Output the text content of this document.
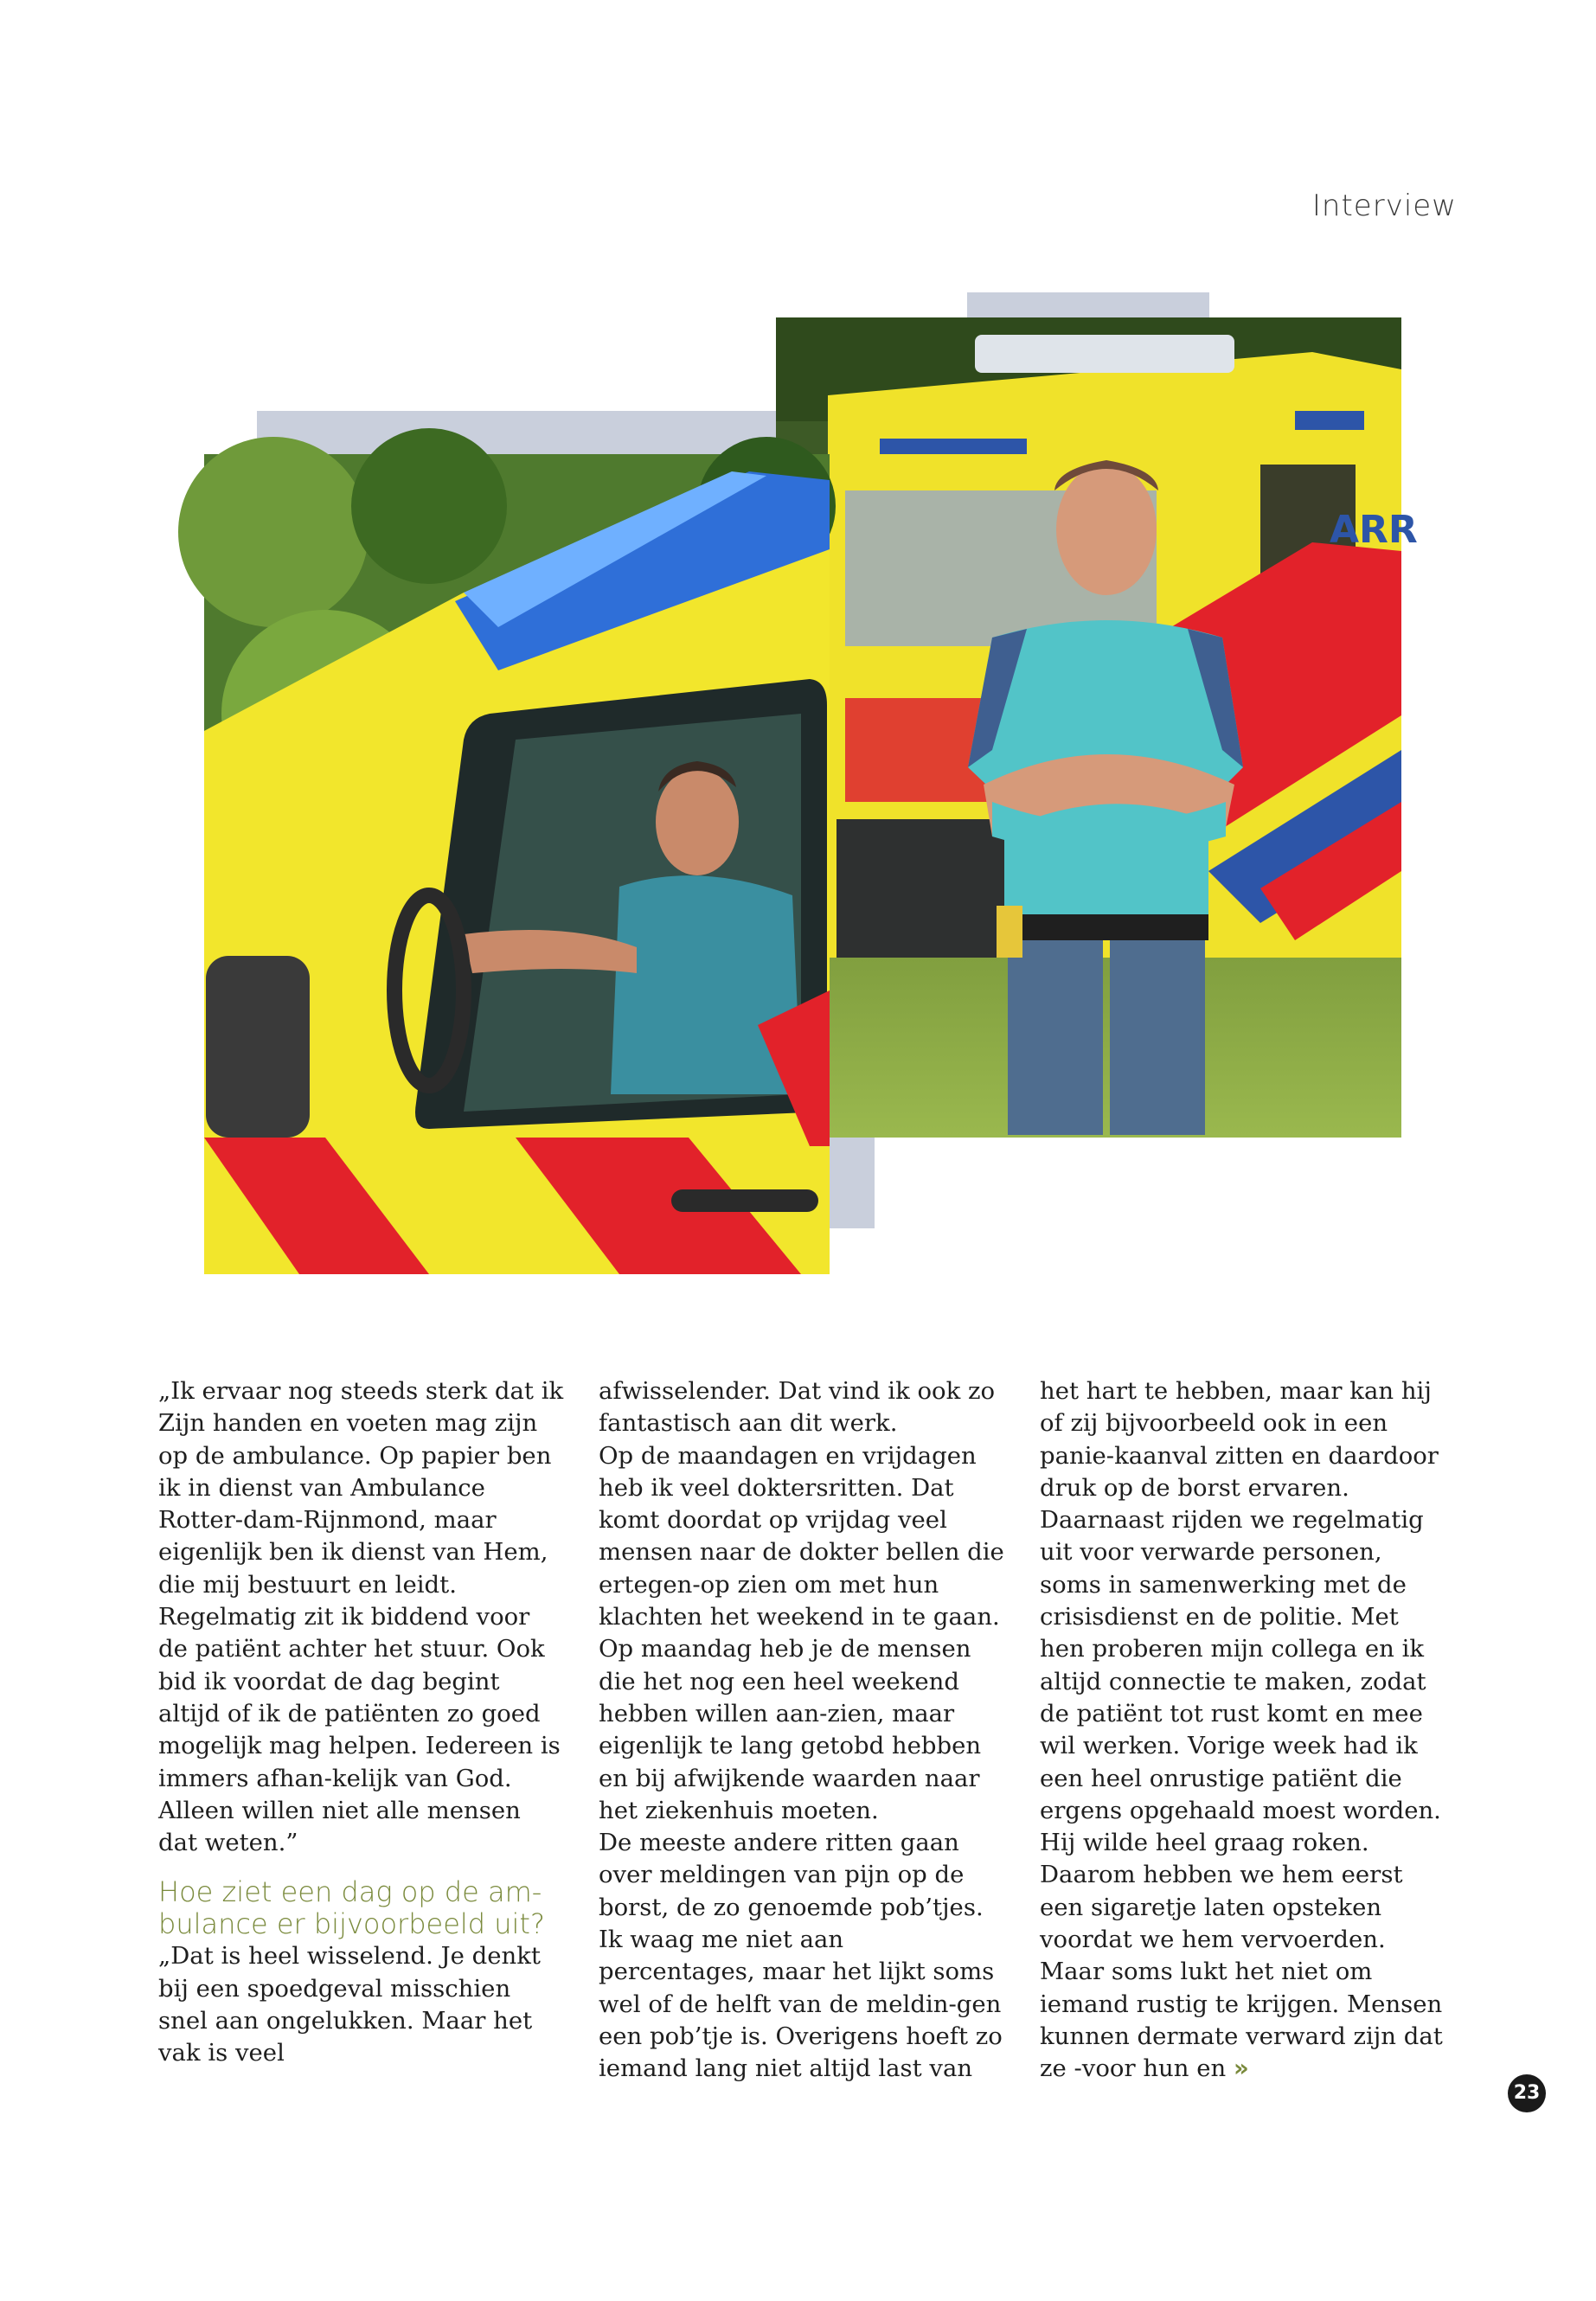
Interview
ARR

„Ik ervaar nog steeds sterk dat ik Zijn handen en voeten mag zijn op de ambulance. Op papier ben ik in dienst van Ambulance Rotter-dam-Rijnmond, maar eigenlijk ben ik dienst van Hem, die mij bestuurt en leidt.

Regelmatig zit ik biddend voor de patiënt achter het stuur. Ook bid ik voordat de dag begint altijd of ik de patiënten zo goed mogelijk mag helpen. Iedereen is immers afhan-kelijk van God. Alleen willen niet alle mensen dat weten.”

Hoe ziet een dag op de am-bulance er bijvoorbeeld uit?

„Dat is heel wisselend. Je denkt bij een spoedgeval misschien snel aan ongelukken. Maar het vak is veel

afwisselender. Dat vind ik ook zo fantastisch aan dit werk.

Op de maandagen en vrijdagen heb ik veel doktersritten. Dat komt doordat op vrijdag veel mensen naar de dokter bellen die ertegen-op zien om met hun klachten het weekend in te gaan. Op maandag heb je de mensen die het nog een heel weekend hebben willen aan-zien, maar eigenlijk te lang getobd hebben en bij afwijkende waarden naar het ziekenhuis moeten.

De meeste andere ritten gaan over meldingen van pijn op de borst, de zo genoemde pob’tjes. Ik waag me niet aan percentages, maar het lijkt soms wel of de helft van de meldin-gen een pob’tje is. Overigens hoeft zo iemand lang niet altijd last van

het hart te hebben, maar kan hij of zij bijvoorbeeld ook in een panie-kaanval zitten en daardoor druk op de borst ervaren.

Daarnaast rijden we regelmatig uit voor verwarde personen, soms in samenwerking met de crisisdienst en de politie. Met hen proberen mijn collega en ik altijd connectie te maken, zodat de patiënt tot rust komt en mee wil werken. Vorige week had ik een heel onrustige patiënt die ergens opgehaald moest worden. Hij wilde heel graag roken. Daarom hebben we hem eerst een sigaretje laten opsteken voordat we hem vervoerden. Maar soms lukt het niet om iemand rustig te krijgen. Mensen kunnen dermate verward zijn dat ze -voor hun en »

23
